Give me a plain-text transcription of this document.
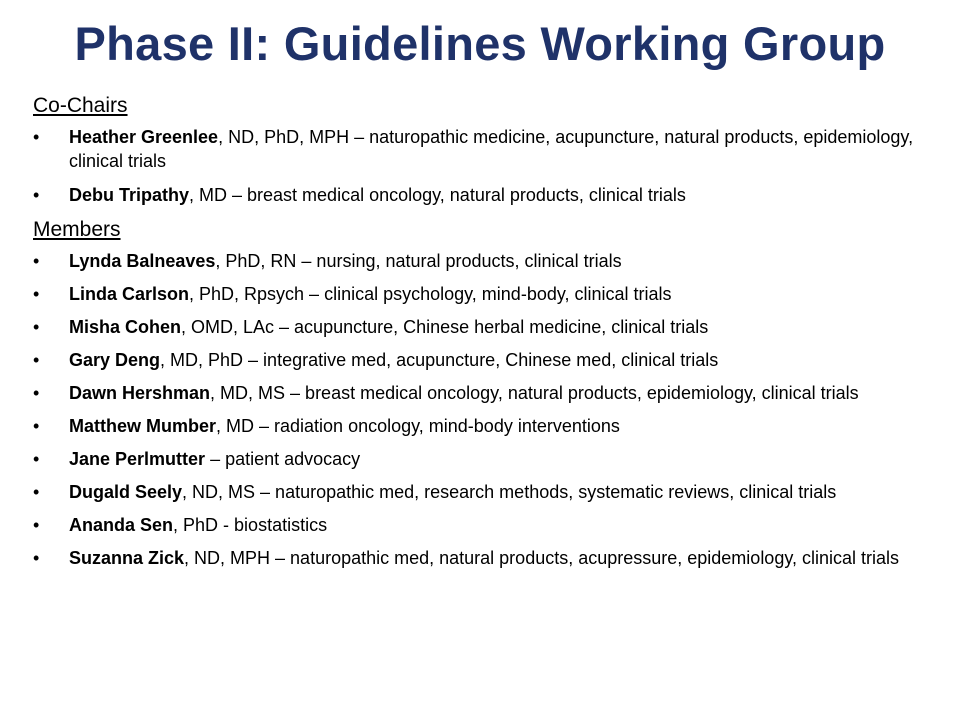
Phase II: Guidelines Working Group
Co-Chairs
•	Heather Greenlee, ND, PhD, MPH – naturopathic medicine, acupuncture, natural products, epidemiology, clinical trials
•	Debu Tripathy, MD – breast medical oncology, natural products, clinical trials
Members
•	Lynda Balneaves, PhD, RN – nursing, natural products, clinical trials
•	Linda Carlson, PhD, Rpsych – clinical psychology, mind-body, clinical trials
•	Misha Cohen, OMD, LAc – acupuncture, Chinese herbal medicine, clinical trials
•	Gary Deng, MD, PhD – integrative med, acupuncture, Chinese med, clinical trials
•	Dawn Hershman, MD, MS – breast medical oncology, natural products, epidemiology, clinical trials
•	Matthew Mumber, MD – radiation oncology, mind-body interventions
•	Jane Perlmutter – patient advocacy
•	Dugald Seely, ND, MS – naturopathic med, research methods, systematic reviews, clinical trials
•	Ananda Sen, PhD - biostatistics
•	Suzanna Zick, ND, MPH – naturopathic med, natural products, acupressure, epidemiology, clinical trials
